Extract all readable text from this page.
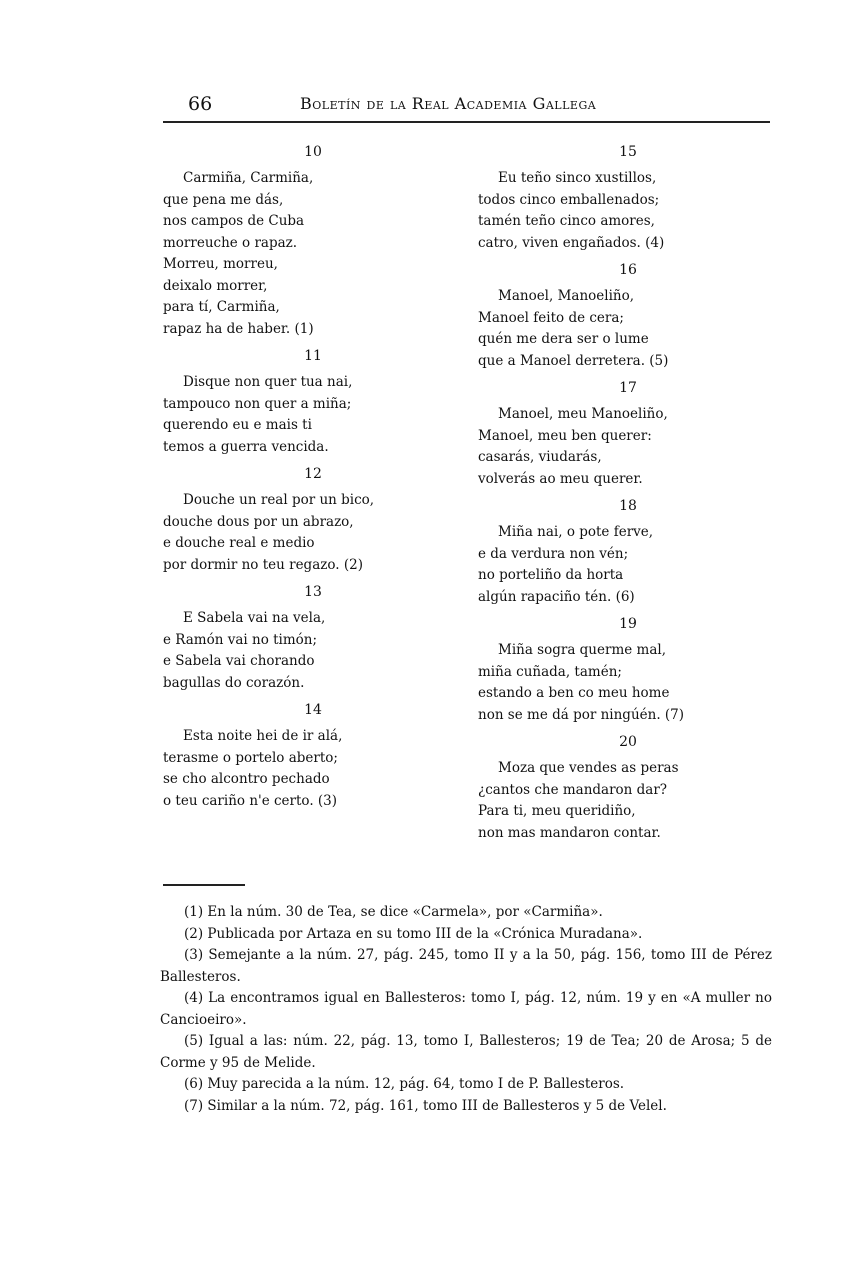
66	Boletín de la Real Academia Gallega
10
Carmiña, Carmiña,
que pena me dás,
nos campos de Cuba
morreuche o rapaz.
Morreu, morreu,
deixalo morrer,
para tí, Carmiña,
rapaz ha de haber. (1)
11
Disque non quer tua nai,
tampouco non quer a miña;
querendo eu e mais ti
temos a guerra vencida.
12
Douche un real por un bico,
douche dous por un abrazo,
e douche real e medio
por dormir no teu regazo. (2)
13
E Sabela vai na vela,
e Ramón vai no timón;
e Sabela vai chorando
bagullas do corazón.
14
Esta noite hei de ir alá,
terasme o portelo aberto;
se cho alcontro pechado
o teu cariño n'e certo. (3)
15
Eu teño sinco xustillos,
todos cinco emballenados;
tamén teño cinco amores,
catro, viven engañados. (4)
16
Manoel, Manoeliño,
Manoel feito de cera;
quén me dera ser o lume
que a Manoel derretera. (5)
17
Manoel, meu Manoeliño,
Manoel, meu ben querer:
casarás, viudarás,
volverás ao meu querer.
18
Miña nai, o pote ferve,
e da verdura non vén;
no porteliño da horta
algún rapaciño tén. (6)
19
Miña sogra querme mal,
miña cuñada, tamén;
estando a ben co meu home
non se me dá por ningúén. (7)
20
Moza que vendes as peras
¿cantos che mandaron dar?
Para ti, meu queridiño,
non mas mandaron contar.
(1) En la núm. 30 de Tea, se dice «Carmela», por «Carmiña».
(2) Publicada por Artaza en su tomo III de la «Crónica Muradana».
(3) Semejante a la núm. 27, pág. 245, tomo II y a la 50, pág. 156, tomo III de Pérez Ballesteros.
(4) La encontramos igual en Ballesteros: tomo I, pág. 12, núm. 19 y en «A muller no Cancioeiro».
(5) Igual a las: núm. 22, pág. 13, tomo I, Ballesteros; 19 de Tea; 20 de Arosa; 5 de Corme y 95 de Melide.
(6) Muy parecida a la núm. 12, pág. 64, tomo I de P. Ballesteros.
(7) Similar a la núm. 72, pág. 161, tomo III de Ballesteros y 5 de Velel.
